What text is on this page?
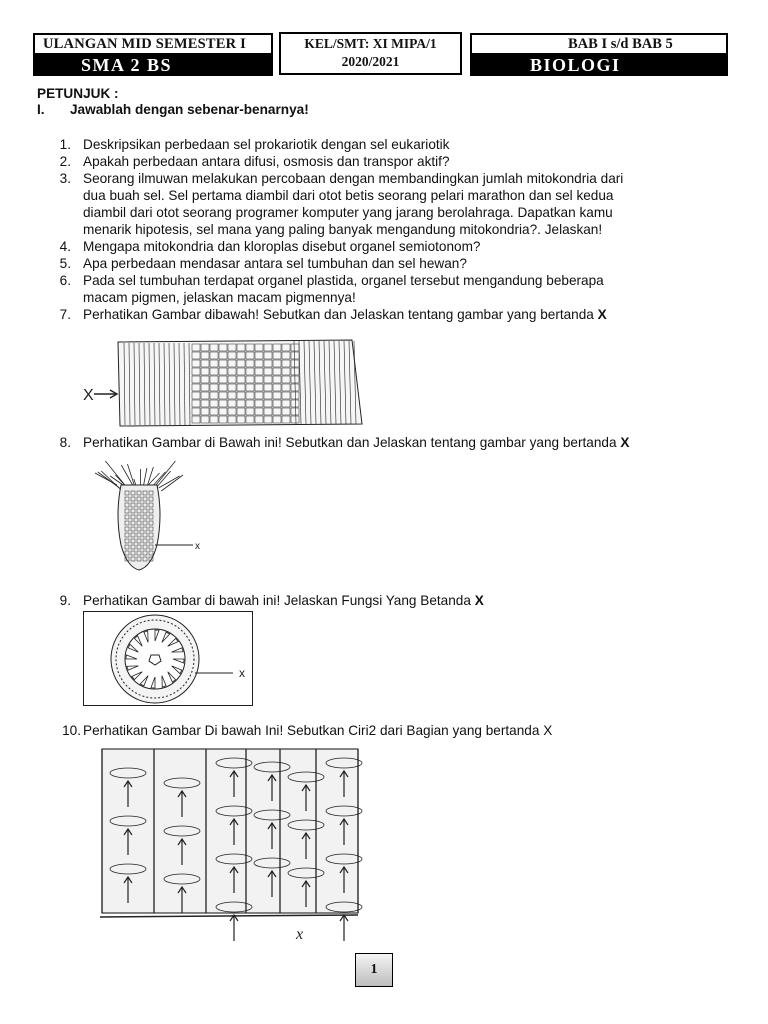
ULANGAN MID SEMESTER I
SMA 2 BS
KEL/SMT: XI MIPA/1
2020/2021
BAB I s/d BAB 5
BIOLOGI
PETUNJUK :
I. Jawablah dengan sebenar-benarnya!
1. Deskripsikan perbedaan sel prokariotik dengan sel eukariotik
2. Apakah perbedaan antara difusi, osmosis dan transpor aktif?
3. Seorang ilmuwan melakukan percobaan dengan membandingkan jumlah mitokondria dari
dua buah sel. Sel pertama diambil dari otot betis seorang pelari marathon dan sel kedua
diambil dari otot seorang programer komputer yang jarang berolahraga. Dapatkan kamu
menarik hipotesis, sel mana yang paling banyak mengandung mitokondria?. Jelaskan!
4. Mengapa mitokondria dan kloroplas disebut organel semiotonom?
5. Apa perbedaan mendasar antara sel tumbuhan dan sel hewan?
6. Pada sel tumbuhan terdapat organel plastida, organel tersebut mengandung beberapa
macam pigmen, jelaskan macam pigmennya!
7. Perhatikan Gambar dibawah! Sebutkan dan Jelaskan tentang gambar yang bertanda X
X
8. Perhatikan Gambar di Bawah ini! Sebutkan dan Jelaskan tentang gambar yang bertanda X
x
9. Perhatikan Gambar di bawah ini! Jelaskan Fungsi Yang Betanda X
x
10. Perhatikan Gambar Di bawah Ini! Sebutkan Ciri2 dari Bagian yang bertanda X
x
1
